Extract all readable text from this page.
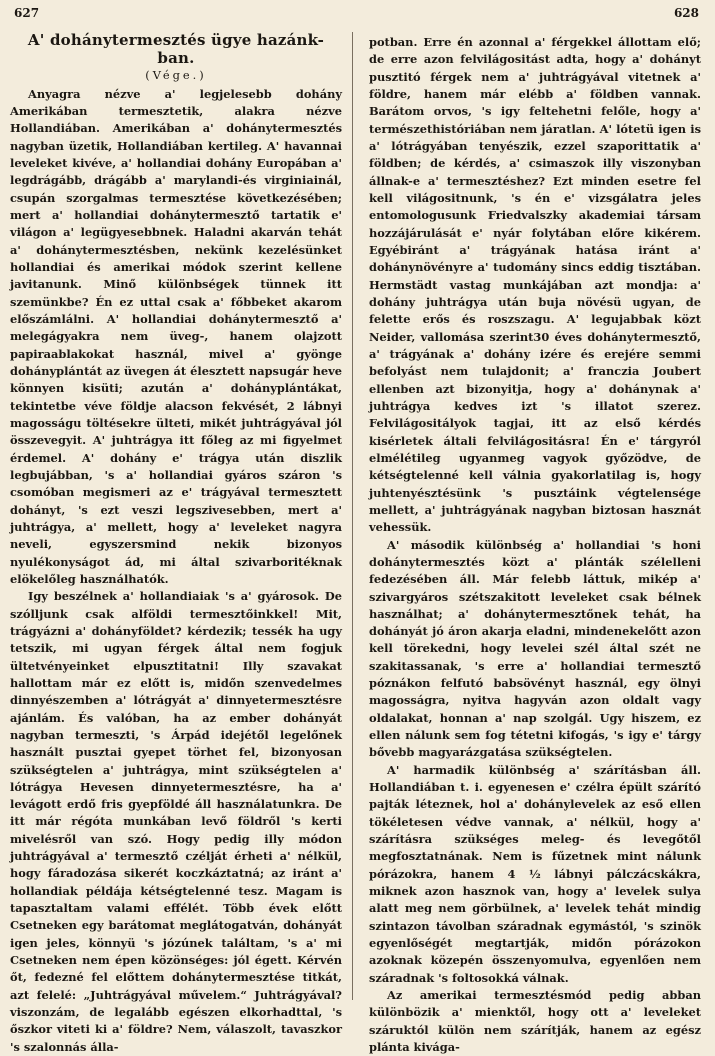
627	628
A' dohánytermesztés ügye hazánk-ban.
(Vége.)

Anyagra nézve a' legjelesebb dohány Amerikában termesztetik, alakra nézve Hollandiában. Amerikában a' dohánytermesztés nagyban üzetik, Hollandiában kertileg. A' havannai leveleket kivéve, a' hollandiai dohány Europában a' legdrágább, drágább a' marylandi-és virginiainál, csupán szorgalmas termesztése következésében; mert a' hollandiai dohánytermesztő tartatik e' világon a' legügyesebbnek. Haladni akarván tehát a' dohánytermesztésben, nekünk kezelésünket hollandiai és amerikai módok szerint kellene javitanunk. Minő különbségek tünnek itt szemünkbe? Én ez uttal csak a' főbbeket akarom előszámlálni. A' hollandiai dohánytermesztő a' melegágyakra nem üveg-, hanem olajzott papiraablakokat használ, mivel a' gyönge dohányplántát az üvegen át élesztett napsugár heve könnyen kisüti; azután a' dohányplántákat, tekintetbe véve földje alacson fekvését, 2 lábnyi magosságu töltésekre ülteti, mikét juhtrágyával jól összevegyit. A' juhtrágya itt főleg az mi figyelmet érdemel. A' dohány e' trágya után diszlik legbujábban, 's a' hollandiai gyáros száron 's csomóban megismeri az e' trágyával termesztett dohányt, 's ezt veszi legszivesebben, mert a' juhtrágya, a' mellett, hogy a' leveleket nagyra neveli, egyszersmind nekik bizonyos nyulékonyságot ád, mi által szivarboritéknak elökelőleg használhatók.

Igy beszélnek a' hollandiaiak 's a' gyárosok. De szólljunk csak alföldi termesztőinkkel! Mit, trágyázni a' dohányföldet? kérdezik; tessék ha ugy tetszik, mi ugyan férgek által nem fogjuk ültetvényeinket elpusztitatni! Illy szavakat hallottam már ez előtt is, midőn szenvedelmes dinnyészemben a' lótrágyát a' dinnyetermesztésre ajánlám. És valóban, ha az ember dohányát nagyban termeszti, 's Árpád idejétől legelőnek használt pusztai gyepet törhet fel, bizonyosan szükségtelen a' juhtrágya, mint szükségtelen a' lótrágya Hevesen dinnyetermesztésre, ha a' levágott erdő fris gyepföldé áll használatunkra. De itt már régóta munkában levő földről 's kerti mivelésről van szó. Hogy pedig illy módon juhtrágyával a' termesztő czélját érheti a' nélkül, hogy fáradozása sikerét koczkáztatná; az iránt a' hollandiak példája kétségtelenné tesz. Magam is tapasztaltam valami effélét. Több évek előtt Csetneken egy barátomat meglátogatván, dohányát igen jeles, könnyü 's józúnek találtam, 's a' mi Csetneken nem épen közönséges: jól égett. Kérvén őt, fedezné fel előttem dohánytermesztése titkát, azt felelé: „Juhtrágyával művelem.“ Juhtrágyával? viszonzám, de legalább egészen elkorhadttal, 's őszkor viteti ki a' földre? Nem, válaszolt, tavaszkor 's szalonnás álla-

potban. Erre én azonnal a' férgekkel állottam elő; de erre azon felvilágositást adta, hogy a' dohányt pusztitó férgek nem a' juhtrágyával vitetnek a' földre, hanem már elébb a' földben vannak. Barátom orvos, 's igy feltehetni felőle, hogy a' természethistóriában nem járatlan. A' lótetü igen is a' lótrágyában tenyészik, ezzel szaporittatik a' földben; de kérdés, a' csimaszok illy viszonyban állnak-e a' termesztéshez? Ezt minden esetre fel kell világositnunk, 's én e' vizsgálatra jeles entomologusunk Friedvalszky akademiai társam hozzájárulását e' nyár folytában előre kikérem. Egyébiránt a' trágyának hatása iránt a' dohánynövényre a' tudomány sincs eddig tisztában. Hermstädt vastag munkájában azt mondja: a' dohány juhtrágya után buja növésü ugyan, de felette erős és roszszagu. A' legujabbak közt Neider, vallomása szerint30 éves dohánytermesztő, a' trágyának a' dohány izére és erejére semmi befolyást nem tulajdonit; a' franczia Joubert ellenben azt bizonyitja, hogy a' dohánynak a' juhtrágya kedves izt 's illatot szerez. Felvilágositályok tagjai, itt az első kérdés kisérletek általi felvilágositásra! Én e' tárgyról elmélétileg ugyanmeg vagyok győzödve, de kétségtelenné kell válnia gyakorlatilag is, hogy juhtenyésztésünk 's pusztáink végtelensége mellett, a' juhtrágyának nagyban biztosan hasznát vehessük.

A' második különbség a' hollandiai 's honi dohánytermesztés közt a' plánták szélelleni fedezésében áll. Már felebb láttuk, mikép a' szivargyáros szétszakitott leveleket csak bélnek használhat; a' dohánytermesztőnek tehát, ha dohányát jó áron akarja eladni, mindenekelőtt azon kell törekedni, hogy levelei szél által szét ne szakitassanak, 's erre a' hollandiai termesztő póznákon felfutó babsövényt használ, egy ölnyi magosságra, nyitva hagyván azon oldalt vagy oldalakat, honnan a' nap szolgál. Ugy hiszem, ez ellen nálunk sem fog tétetni kifogás, 's igy e' tárgy bővebb magyarázgatása szükségtelen.

A' harmadik különbség a' szárításban áll. Hollandiában t. i. egyenesen e' czélra épült szárító pajták léteznek, hol a' dohánylevelek az eső ellen tökéletesen védve vannak, a' nélkül, hogy a' szárításra szükséges meleg- és levegőtől megfosztatnának. Nem is fűzetnek mint nálunk pórázokra, hanem 4 ½ lábnyi pálczácskákra, miknek azon hasznok van, hogy a' levelek sulya alatt meg nem görbülnek, a' levelek tehát mindig szintazon távolban száradnak egymástól, 's szinök egyenlőségét megtartják, midőn pórázokon azoknak közepén összenyomulva, egyenlően nem száradnak 's foltosokká válnak.

Az amerikai termesztésmód pedig abban különbözik a' mienktől, hogy ott a' leveleket száruktól külön nem szárítják, hanem az egész plánta kivága-
